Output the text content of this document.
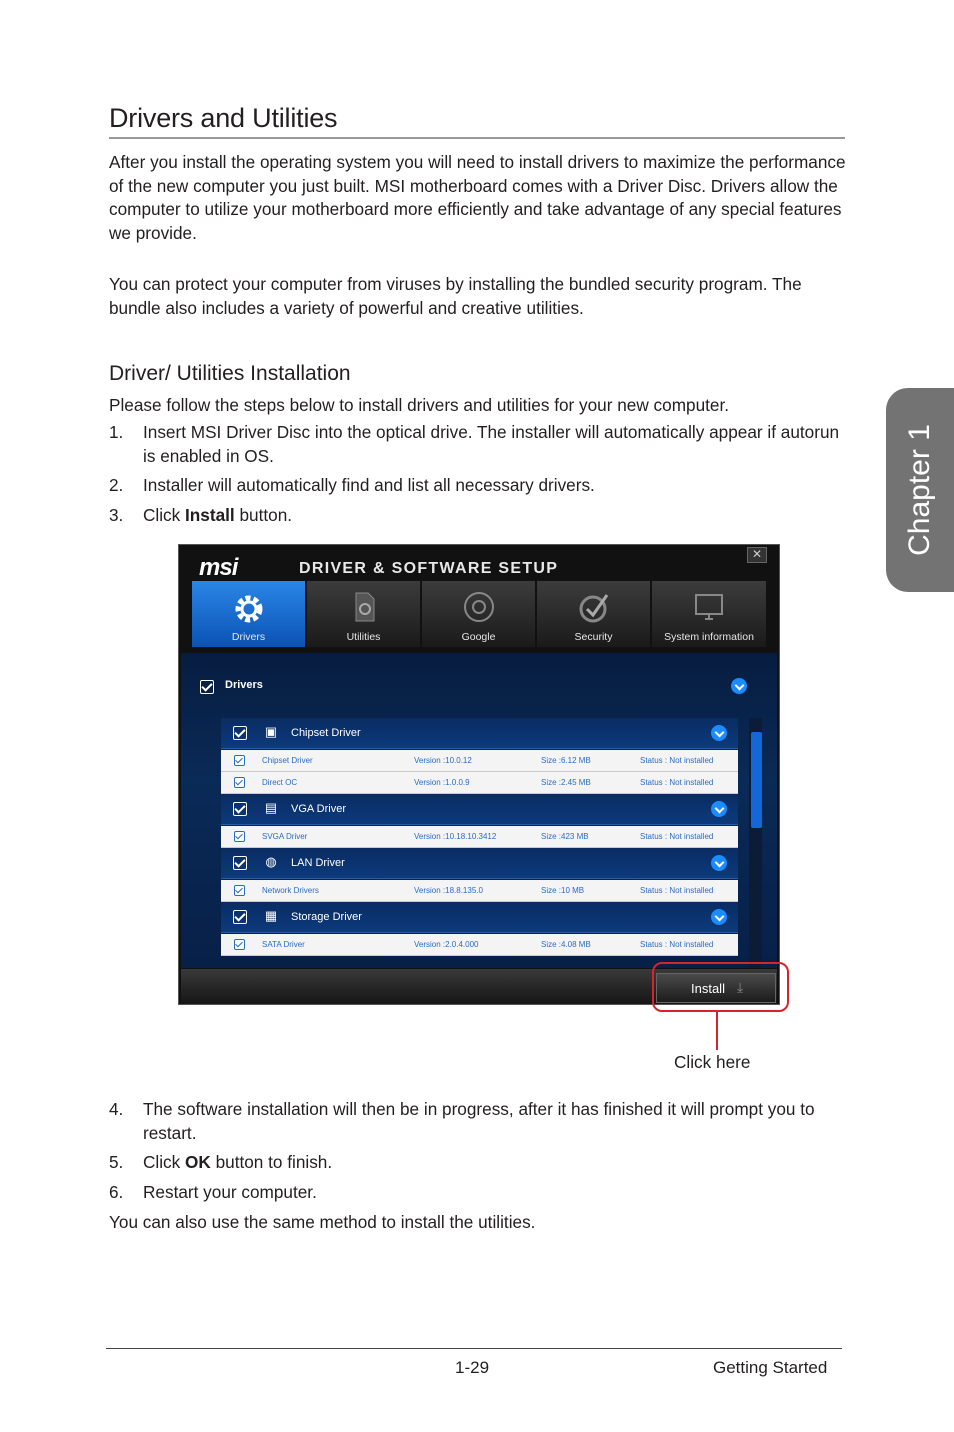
Drivers and Utilities
After you install the operating system you will need to install drivers to maximize the performance of the new computer you just built. MSI motherboard comes with a Driver Disc. Drivers allow the computer to utilize your motherboard more efficiently and take advantage of any special features we provide.
You can protect your computer from viruses by installing the bundled security program. The bundle also includes a variety of powerful and creative utilities.
Driver/ Utilities Installation
Please follow the steps below to install drivers and utilities for your new computer.
1. Insert MSI Driver Disc into the optical drive. The installer will automatically appear if autorun is enabled in OS.
2. Installer will automatically find and list all necessary drivers.
3. Click Install button.
msi	DRIVER & SOFTWARE SETUP
✕
Drivers	Utilities	Google	Security	System information
Drivers
▣ Chipset Driver
Chipset Driver	Version :10.0.12	Size :6.12 MB	Status : Not installed
Direct OC	Version :1.0.0.9	Size :2.45 MB	Status : Not installed
▤ VGA Driver
SVGA Driver	Version :10.18.10.3412	Size :423 MB	Status : Not installed
◍ LAN Driver
Network Drivers	Version :18.8.135.0	Size :10 MB	Status : Not installed
▦ Storage Driver
SATA Driver	Version :2.0.4.000	Size :4.08 MB	Status : Not installed
Install ⤓
Click here
4. The software installation will then be in progress, after it has finished it will prompt you to restart.
5. Click OK button to finish.
6. Restart your computer.
You can also use the same method to install the utilities.
Chapter 1
1-29	Getting Started
